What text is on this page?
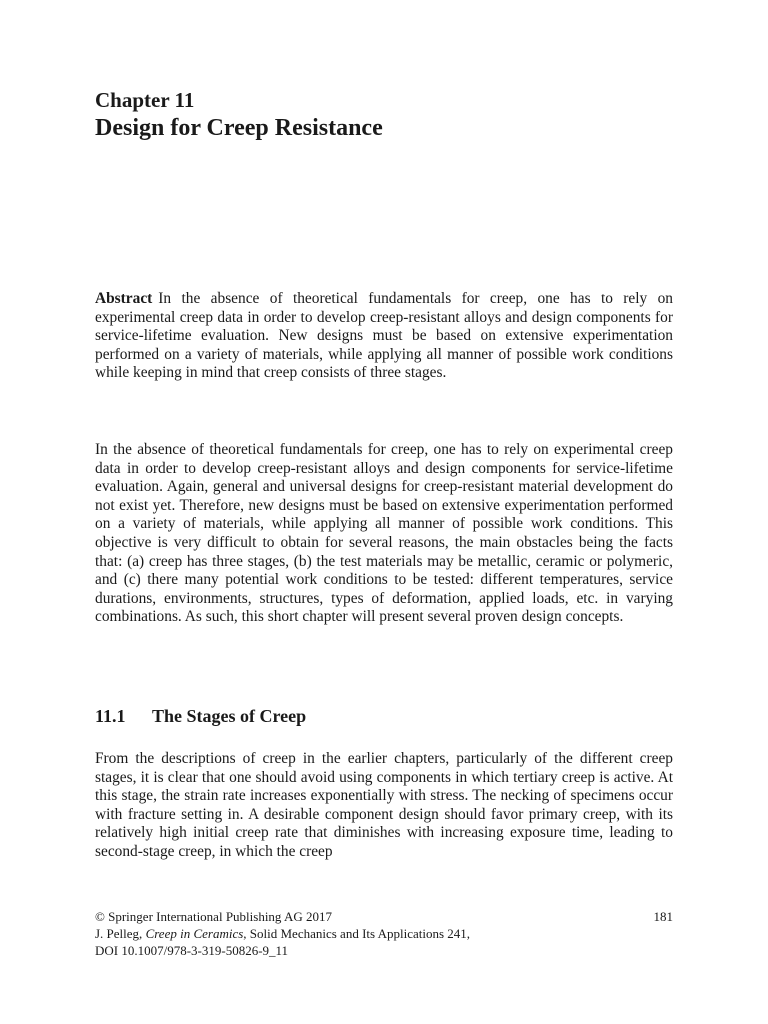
Chapter 11
Design for Creep Resistance

Abstract In the absence of theoretical fundamentals for creep, one has to rely on experimental creep data in order to develop creep-resistant alloys and design components for service-lifetime evaluation. New designs must be based on extensive experimentation performed on a variety of materials, while applying all manner of possible work conditions while keeping in mind that creep consists of three stages.

In the absence of theoretical fundamentals for creep, one has to rely on experimental creep data in order to develop creep-resistant alloys and design components for service-lifetime evaluation. Again, general and universal designs for creep-resistant material development do not exist yet. Therefore, new designs must be based on extensive experimentation performed on a variety of materials, while applying all manner of possible work conditions. This objective is very difficult to obtain for several reasons, the main obstacles being the facts that: (a) creep has three stages, (b) the test materials may be metallic, ceramic or polymeric, and (c) there many potential work conditions to be tested: different temperatures, service durations, environments, structures, types of deformation, applied loads, etc. in varying combinations. As such, this short chapter will present several proven design concepts.

11.1 The Stages of Creep

From the descriptions of creep in the earlier chapters, particularly of the different creep stages, it is clear that one should avoid using components in which tertiary creep is active. At this stage, the strain rate increases exponentially with stress. The necking of specimens occur with fracture setting in. A desirable component design should favor primary creep, with its relatively high initial creep rate that diminishes with increasing exposure time, leading to second-stage creep, in which the creep

© Springer International Publishing AG 2017
J. Pelleg, Creep in Ceramics, Solid Mechanics and Its Applications 241,
DOI 10.1007/978-3-319-50826-9_11
181
